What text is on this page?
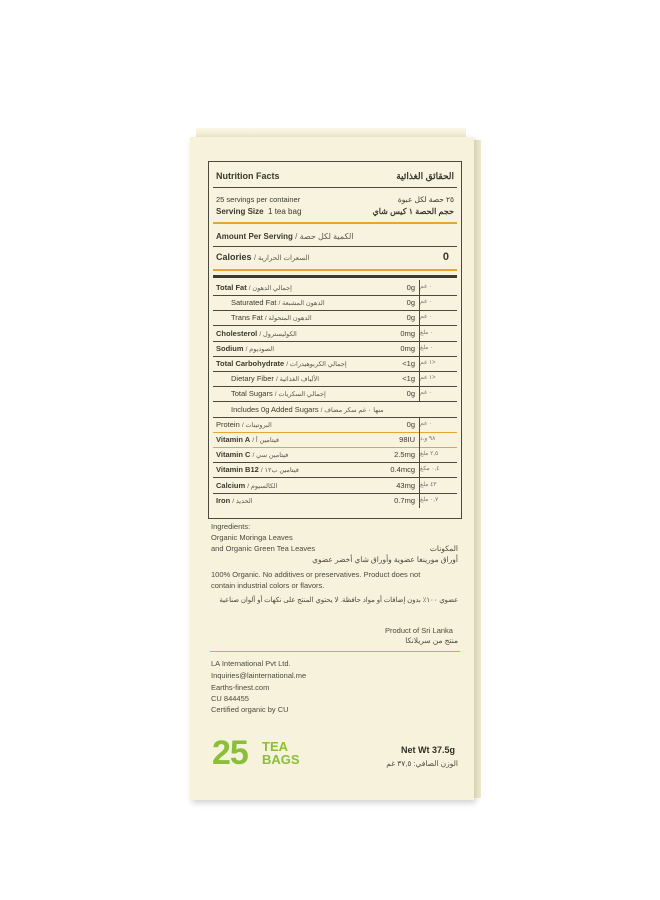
Nutrition Facts	الحقائق الغذائية
25 servings per container	٢٥ حصة لكل عبوة
Serving Size 1 tea bag	حجم الحصة ١ كيس شاي
Amount Per Serving / الكمية لكل حصة
Calories / السعرات الحرارية	0
Total Fat / إجمالي الدهون	0g ٠ غم
Saturated Fat / الدهون المشبعة	0g ٠ غم
Trans Fat / الدهون المتحولة	0g ٠ غم
Cholesterol / الكوليسترول	0mg ٠ ملغ
Sodium / الصوديوم	0mg ٠ ملغ
Total Carbohydrate / إجمالي الكربوهيدرات	<1g <١ غم
Dietary Fiber / الألياف الغذائية	<1g <١ غم
Total Sugars / إجمالي السكريات	0g ٠ غم
Includes 0g Added Sugars / منها ٠ غم سكر مضاف
Protein / البروتينات	0g ٠ غم
Vitamin A / فيتامين أ	98IU ٩٨ و.د
Vitamin C / فيتامين سي	2.5mg ٢,٥ ملغ
Vitamin B12 / فيتامين ب١٢	0.4mcg ٠,٤ مكغ
Calcium / الكالسيوم	43mg ٤٣ ملغ
Iron / الحديد	0.7mg ٠,٧ ملغ
Ingredients:
Organic Moringa Leaves
and Organic Green Tea Leaves	المكونات
أوراق مورينغا عضوية وأوراق شاي أخضر عضوي
100% Organic. No additives or preservatives. Product does not
contain industrial colors or flavors.
عضوي ١٠٠٪ بدون إضافات أو مواد حافظة. لا يحتوي المنتج على نكهات أو ألوان صناعية
Product of Sri Lanka
منتج من سريلانكا
LA International Pvt Ltd.
Inquiries@lainternational.me
Earths-finest.com
CU 844455
Certified organic by CU
25 TEA
BAGS
Net Wt 37.5g
الوزن الصافي: ٣٧,٥ غم
